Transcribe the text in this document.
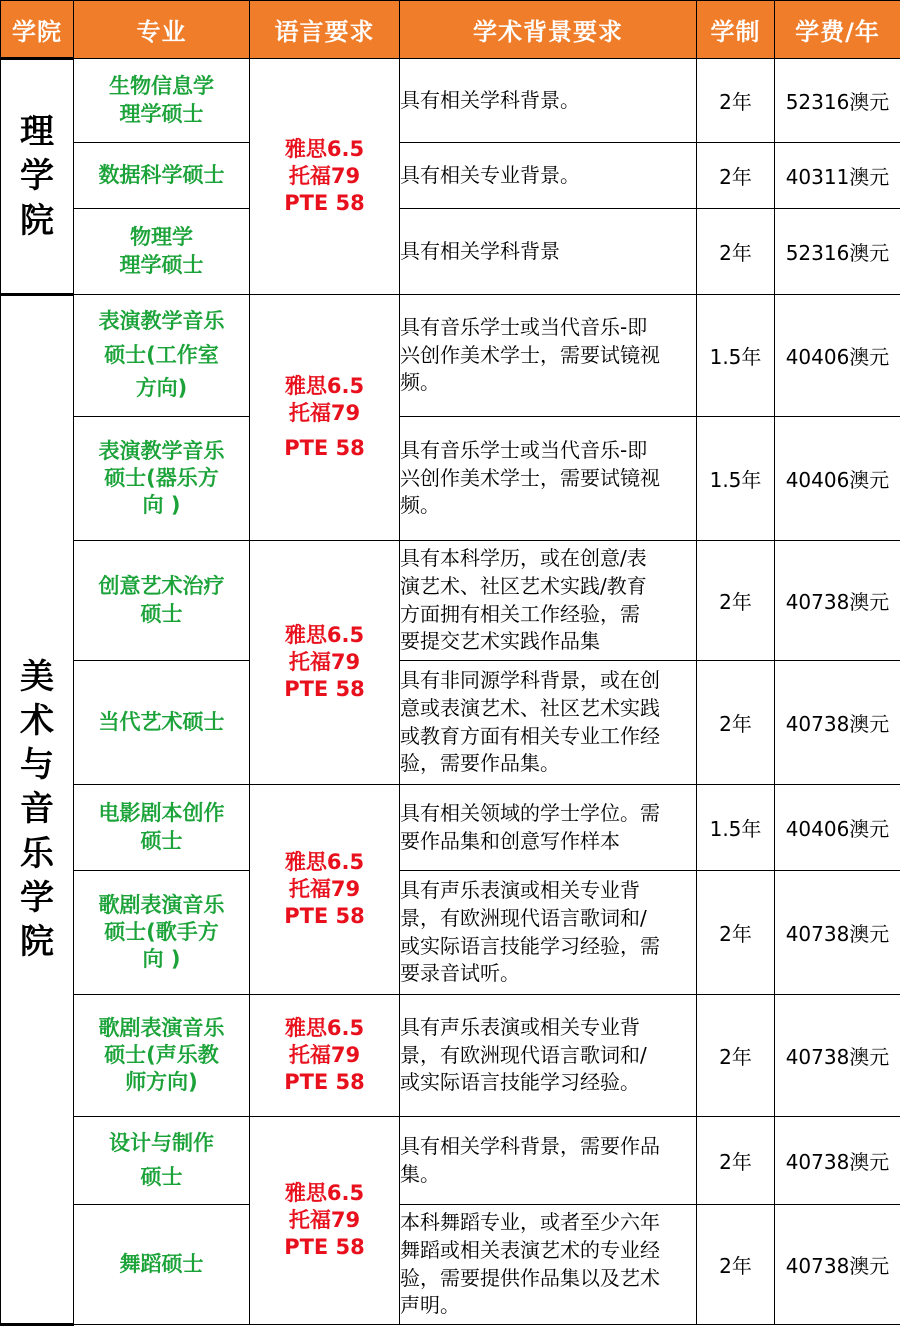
学院	专业	语言要求	学术背景要求	学制	学费/年
理学院	生物信息学
理学硕士	雅思6.5
托福79
PTE 58	具有相关学科背景。	2年	52316澳元

	数据科学硕士		具有相关专业背景。	2年	40311澳元

	物理学
理学硕士		具有相关学科背景	2年	52316澳元
美术与音乐学院	表演教学音乐
硕士(工作室
方向)	雅思6.5
托福79
PTE 58	具有音乐学士或当代音乐-即
兴创作美术学士，需要试镜视
频。	1.5年	40406澳元

	表演教学音乐
硕士(器乐方
向 )		具有音乐学士或当代音乐-即
兴创作美术学士，需要试镜视
频。	1.5年	40406澳元

	创意艺术治疗
硕士	雅思6.5
托福79
PTE 58	具有本科学历，或在创意/表
演艺术、社区艺术实践/教育
方面拥有相关工作经验，需
要提交艺术实践作品集	2年	40738澳元

	当代艺术硕士		具有非同源学科背景，或在创
意或表演艺术、社区艺术实践
或教育方面有相关专业工作经
验，需要作品集。	2年	40738澳元

	电影剧本创作
硕士	雅思6.5
托福79
PTE 58	具有相关领域的学士学位。需
要作品集和创意写作样本	1.5年	40406澳元

	歌剧表演音乐
硕士(歌手方
向 )		具有声乐表演或相关专业背
景，有欧洲现代语言歌词和/
或实际语言技能学习经验，需
要录音试听。	2年	40738澳元

	歌剧表演音乐
硕士(声乐教
师方向)	雅思6.5
托福79
PTE 58	具有声乐表演或相关专业背
景，有欧洲现代语言歌词和/
或实际语言技能学习经验。	2年	40738澳元

	设计与制作
硕士	雅思6.5
托福79
PTE 58	具有相关学科背景，需要作品
集。	2年	40738澳元

	舞蹈硕士		本科舞蹈专业，或者至少六年
舞蹈或相关表演艺术的专业经
验，需要提供作品集以及艺术
声明。	2年	40738澳元
